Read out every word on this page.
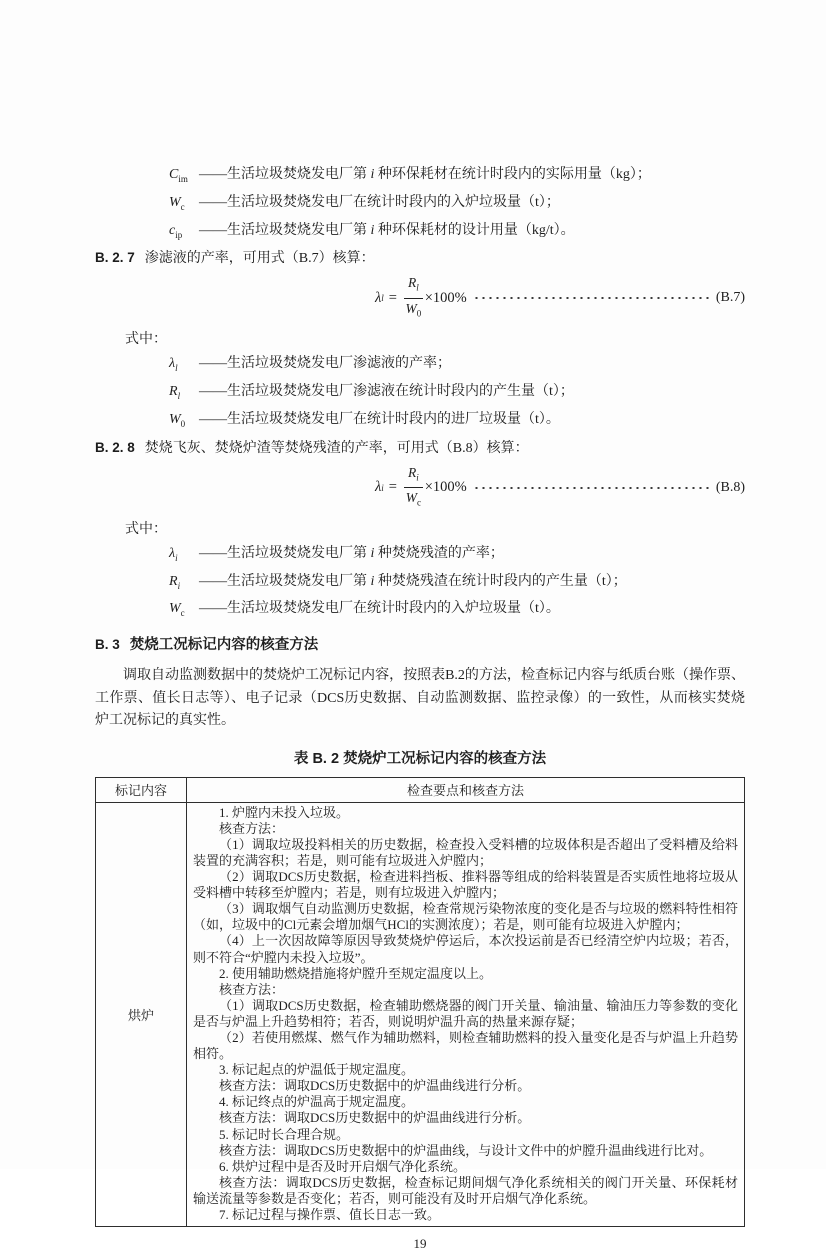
$C_{im}$ ——生活垃圾焚烧发电厂第 i 种环保耗材在统计时段内的实际用量（kg）；
$W_c$ ——生活垃圾焚烧发电厂在统计时段内的入炉垃圾量（t）；
$c_{ip}$ ——生活垃圾焚烧发电厂第 i 种环保耗材的设计用量（kg/t）。
B. 2. 7 渗滤液的产率，可用式（B.7）核算：
λ $l = \frac{R_l}{W_0} \times 100\%$	(B.7)
式中：
$\lambda_l$ ——生活垃圾焚烧发电厂渗滤液的产率；
$R_l$ ——生活垃圾焚烧发电厂渗滤液在统计时段内的产生量（t）；
$W_0$ ——生活垃圾焚烧发电厂在统计时段内的进厂垃圾量（t）。
B. 2. 8 焚烧飞灰、焚烧炉渣等焚烧残渣的产率，可用式（B.8）核算：
λ $i = \frac{R_i}{W_c} \times 100\%$	(B.8)
式中：
$\lambda_i$ ——生活垃圾焚烧发电厂第 i 种焚烧残渣的产率；
$R_i$ ——生活垃圾焚烧发电厂第 i 种焚烧残渣在统计时段内的产生量（t）；
$W_c$ ——生活垃圾焚烧发电厂在统计时段内的入炉垃圾量（t）。
B. 3 焚烧工况标记内容的核查方法

调取自动监测数据中的焚烧炉工况标记内容，按照表B.2的方法，检查标记内容与纸质台账（操作票、工作票、值长日志等）、电子记录（DCS历史数据、自动监测数据、监控录像）的一致性，从而核实焚烧炉工况标记的真实性。

表 B. 2 焚烧炉工况标记内容的核查方法
标记内容	检查要点和核查方法
烘炉	

1. 炉膛内未投入垃圾。

核查方法：

（1）调取垃圾投料相关的历史数据，检查投入受料槽的垃圾体积是否超出了受料槽及给料装置的充满容积；若是，则可能有垃圾进入炉膛内；

（2）调取DCS历史数据，检查进料挡板、推料器等组成的给料装置是否实质性地将垃圾从受料槽中转移至炉膛内；若是，则有垃圾进入炉膛内；

（3）调取烟气自动监测历史数据，检查常规污染物浓度的变化是否与垃圾的燃料特性相符（如，垃圾中的Cl元素会增加烟气HCl的实测浓度）；若是，则可能有垃圾进入炉膛内；

（4）上一次因故障等原因导致焚烧炉停运后，本次投运前是否已经清空炉内垃圾；若否，则不符合“炉膛内未投入垃圾”。

2. 使用辅助燃烧措施将炉膛升至规定温度以上。

核查方法：

（1）调取DCS历史数据，检查辅助燃烧器的阀门开关量、输油量、输油压力等参数的变化是否与炉温上升趋势相符；若否，则说明炉温升高的热量来源存疑；

（2）若使用燃煤、燃气作为辅助燃料，则检查辅助燃料的投入量变化是否与炉温上升趋势相符。

3. 标记起点的炉温低于规定温度。

核查方法：调取DCS历史数据中的炉温曲线进行分析。

4. 标记终点的炉温高于规定温度。

核查方法：调取DCS历史数据中的炉温曲线进行分析。

5. 标记时长合理合规。

核查方法：调取DCS历史数据中的炉温曲线，与设计文件中的炉膛升温曲线进行比对。

6. 烘炉过程中是否及时开启烟气净化系统。

核查方法：调取DCS历史数据，检查标记期间烟气净化系统相关的阀门开关量、环保耗材输送流量等参数是否变化；若否，则可能没有及时开启烟气净化系统。

7. 标记过程与操作票、值长日志一致。

19
